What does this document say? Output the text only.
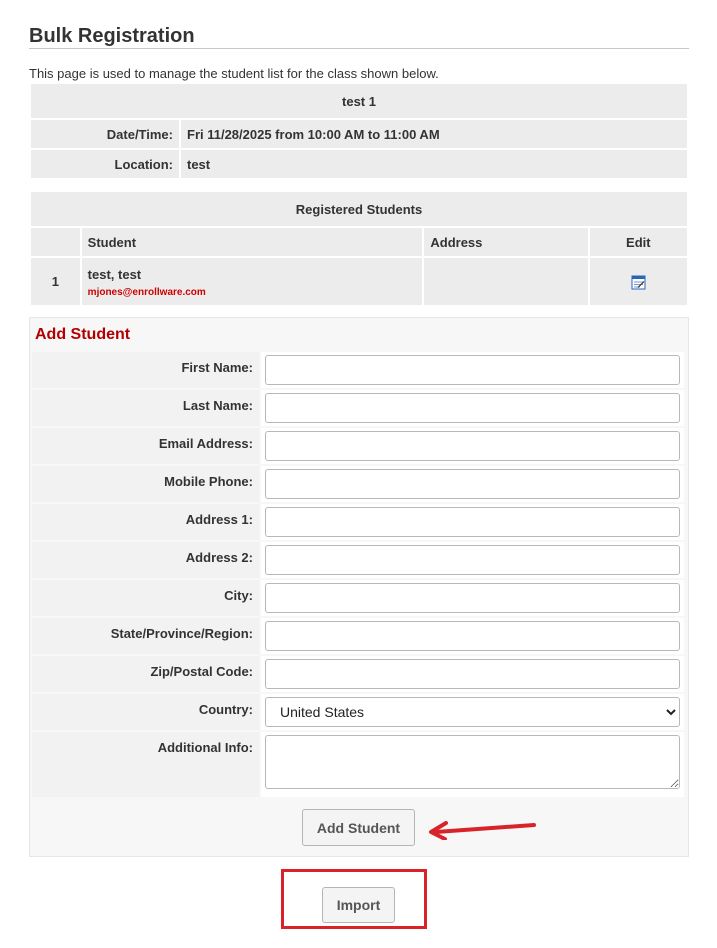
Bulk Registration
This page is used to manage the student list for the class shown below.
test 1	
Date/Time:	Fri 11/28/2025 from 10:00 AM to 11:00 AM
Location:	test
Registered Students			
	Student	Address	Edit
1	test, test
mjones@enrollware.com

Add Student
First Name:	
Last Name:	
Email Address:	
Mobile Phone:	
Address 1:	
Address 2:	
City:	
State/Province/Region:	
Zip/Postal Code:	
Country:	
United States
Additional Info:	
Add Student
Import
